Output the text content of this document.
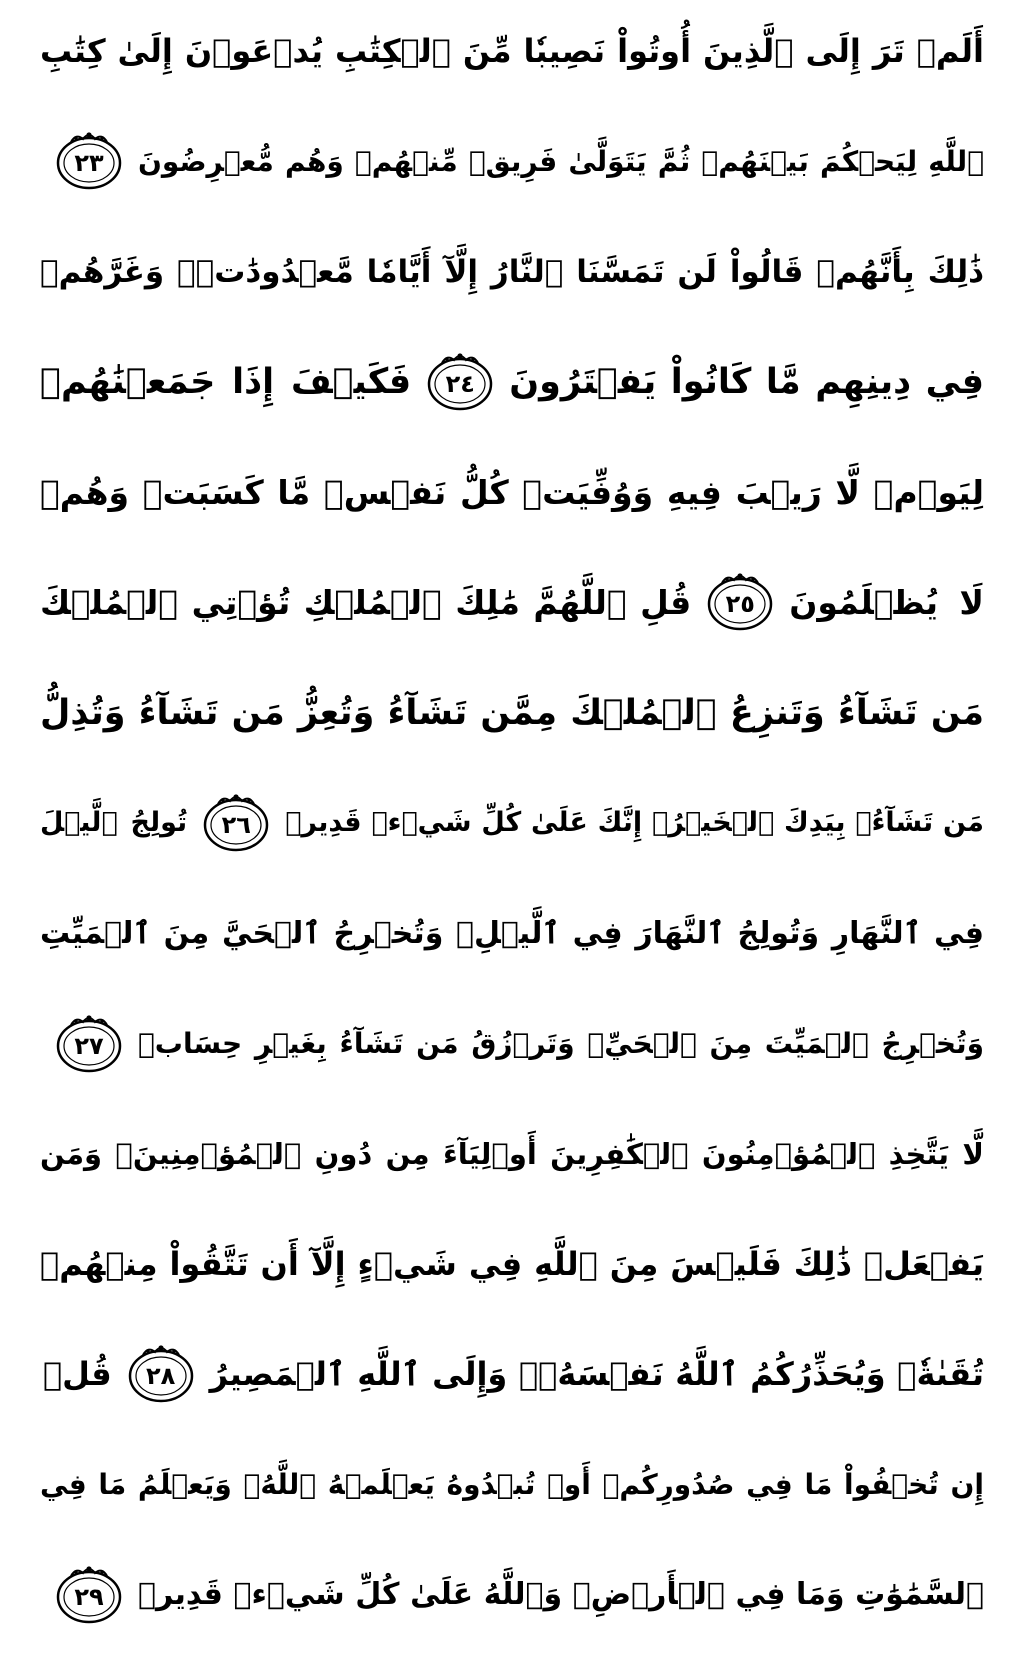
أَلَمۡ تَرَ إِلَى ٱلَّذِينَ أُوتُواْ نَصِيبٗا مِّنَ ٱلۡكِتَٰبِ يُدۡعَوۡنَ إِلَىٰ كِتَٰبِ
ٱللَّهِ لِيَحۡكُمَ بَيۡنَهُمۡ ثُمَّ يَتَوَلَّىٰ فَرِيقٞ مِّنۡهُمۡ وَهُم مُّعۡرِضُونَ
٢٣
ذَٰلِكَ بِأَنَّهُمۡ قَالُواْ لَن تَمَسَّنَا ٱلنَّارُ إِلَّآ أَيَّامٗا مَّعۡدُودَٰتٖۖ وَغَرَّهُمۡ
فِي دِينِهِم مَّا كَانُواْ يَفۡتَرُونَ
٢٤
فَكَيۡفَ إِذَا جَمَعۡنَٰهُمۡ
لِيَوۡمٖ لَّا رَيۡبَ فِيهِ وَوُفِّيَتۡ كُلُّ نَفۡسٖ مَّا كَسَبَتۡ وَهُمۡ
لَا يُظۡلَمُونَ
٢٥
قُلِ ٱللَّهُمَّ مَٰلِكَ ٱلۡمُلۡكِ تُؤۡتِي ٱلۡمُلۡكَ
مَن تَشَآءُ وَتَنزِعُ ٱلۡمُلۡكَ مِمَّن تَشَآءُ وَتُعِزُّ مَن تَشَآءُ وَتُذِلُّ
مَن تَشَآءُۖ بِيَدِكَ ٱلۡخَيۡرُۖ إِنَّكَ عَلَىٰ كُلِّ شَيۡءٖ قَدِيرٞ
٢٦
تُولِجُ ٱلَّيۡلَ
فِي ٱلنَّهَارِ وَتُولِجُ ٱلنَّهَارَ فِي ٱلَّيۡلِۖ وَتُخۡرِجُ ٱلۡحَيَّ مِنَ ٱلۡمَيِّتِ
وَتُخۡرِجُ ٱلۡمَيِّتَ مِنَ ٱلۡحَيِّۖ وَتَرۡزُقُ مَن تَشَآءُ بِغَيۡرِ حِسَابٖ
٢٧
لَّا يَتَّخِذِ ٱلۡمُؤۡمِنُونَ ٱلۡكَٰفِرِينَ أَوۡلِيَآءَ مِن دُونِ ٱلۡمُؤۡمِنِينَۖ وَمَن
يَفۡعَلۡ ذَٰلِكَ فَلَيۡسَ مِنَ ٱللَّهِ فِي شَيۡءٍ إِلَّآ أَن تَتَّقُواْ مِنۡهُمۡ
تُقَىٰةٗۗ وَيُحَذِّرُكُمُ ٱللَّهُ نَفۡسَهُۥۗ وَإِلَى ٱللَّهِ ٱلۡمَصِيرُ
٢٨
قُلۡ
إِن تُخۡفُواْ مَا فِي صُدُورِكُمۡ أَوۡ تُبۡدُوهُ يَعۡلَمۡهُ ٱللَّهُۗ وَيَعۡلَمُ مَا فِي
ٱلسَّمَٰوَٰتِ وَمَا فِي ٱلۡأَرۡضِۗ وَٱللَّهُ عَلَىٰ كُلِّ شَيۡءٖ قَدِيرٞ
٢٩
